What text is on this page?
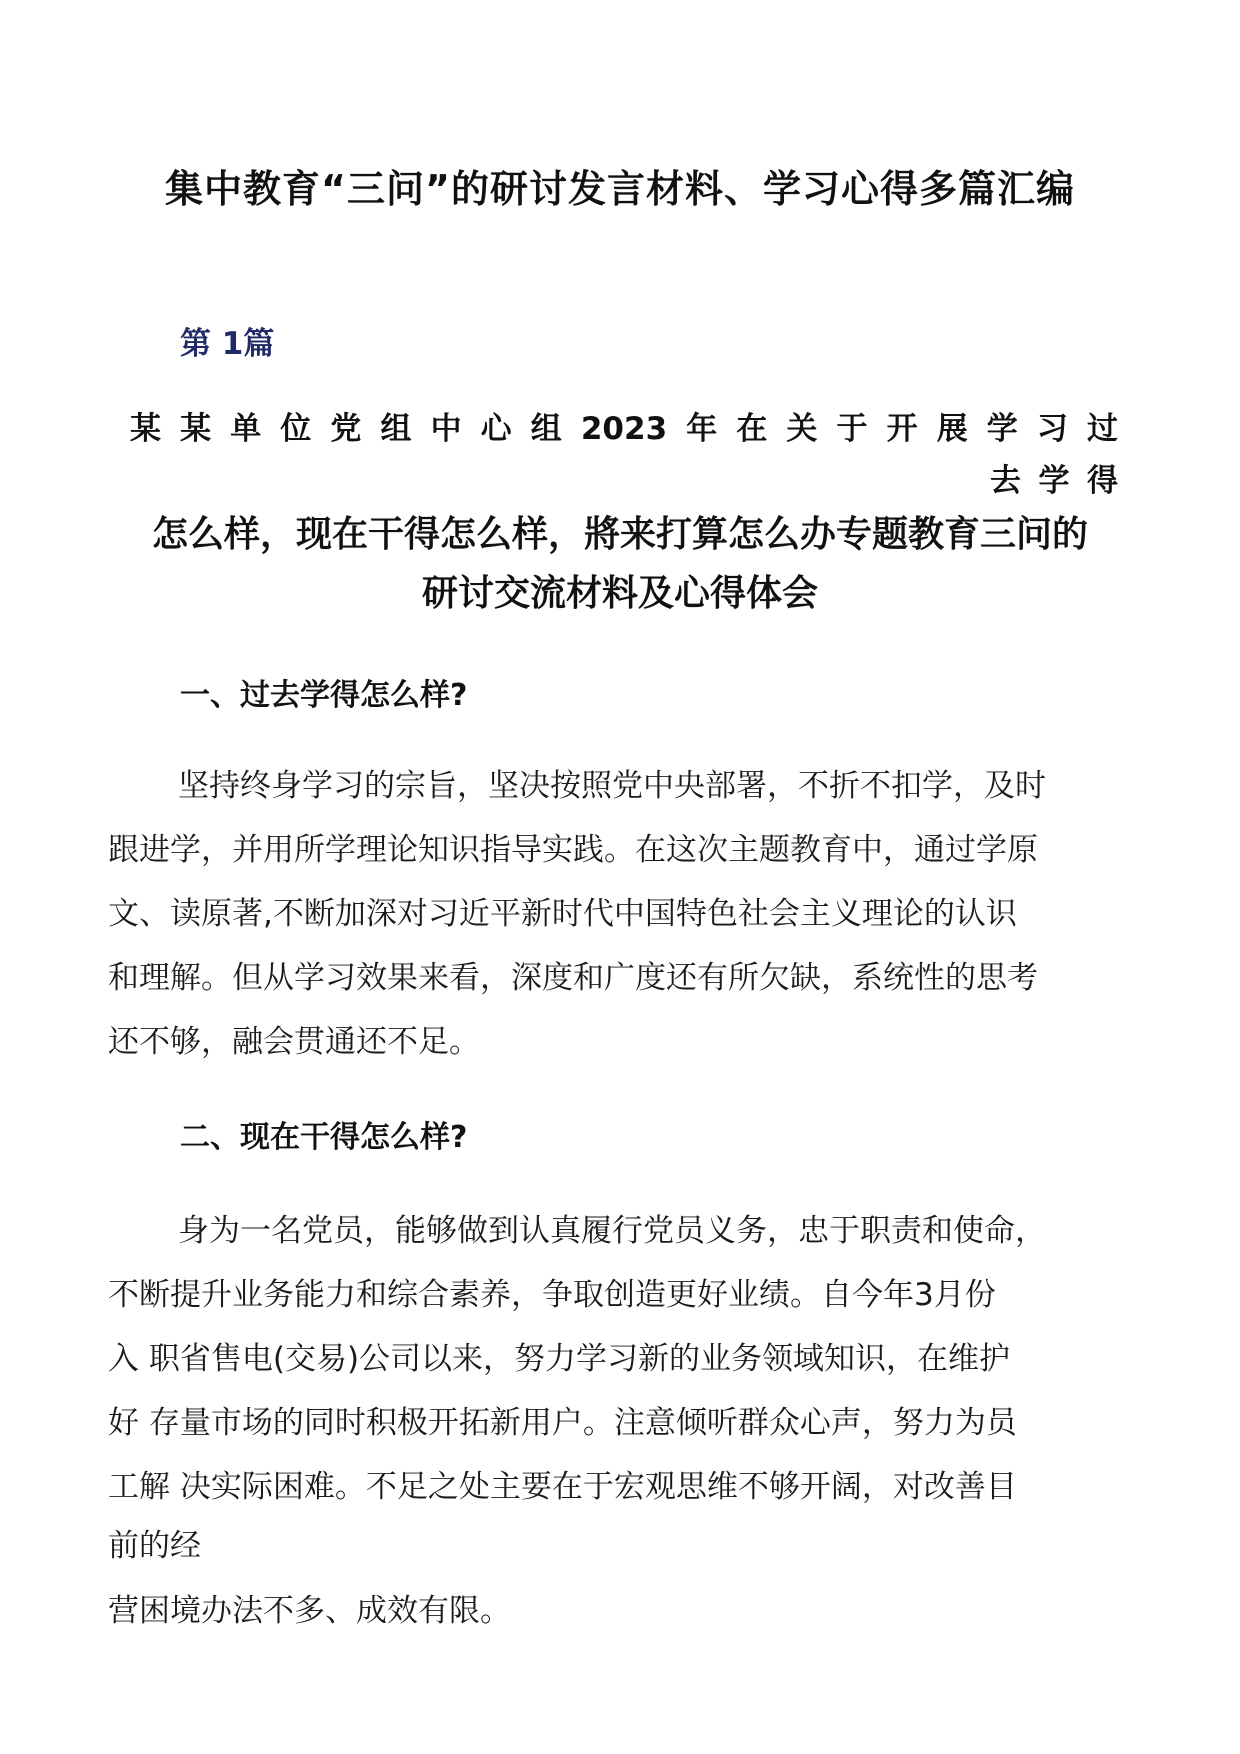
集中教育“三问”的研讨发言材料、学习心得多篇汇编
第 1篇
某某单位党组中心组2023年在关于开展学习过
去学得
怎么样，现在干得怎么样，將来打算怎么办专题教育三问的
研讨交流材料及心得体会
一、过去学得怎么样?
坚持终身学习的宗旨，坚决按照党中央部署，不折不扣学，及时
跟进学，并用所学理论知识指导实践。在这次主题教育中，通过学原
文、读原著,不断加深对习近平新时代中国特色社会主义理论的认识
和理解。但从学习效果来看，深度和广度还有所欠缺，系统性的思考
还不够，融会贯通还不足。
二、现在干得怎么样?
身为一名党员，能够做到认真履行党员义务，忠于职责和使命，
不断提升业务能力和综合素养，争取创造更好业绩。自今年3月份
入 职省售电(交易)公司以来，努力学习新的业务领域知识，在维护
好 存量市场的同时积极开拓新用户。注意倾听群众心声，努力为员
工解 决实际困难。不足之处主要在于宏观思维不够开阔，对改善目
前的经
营困境办法不多、成效有限。
